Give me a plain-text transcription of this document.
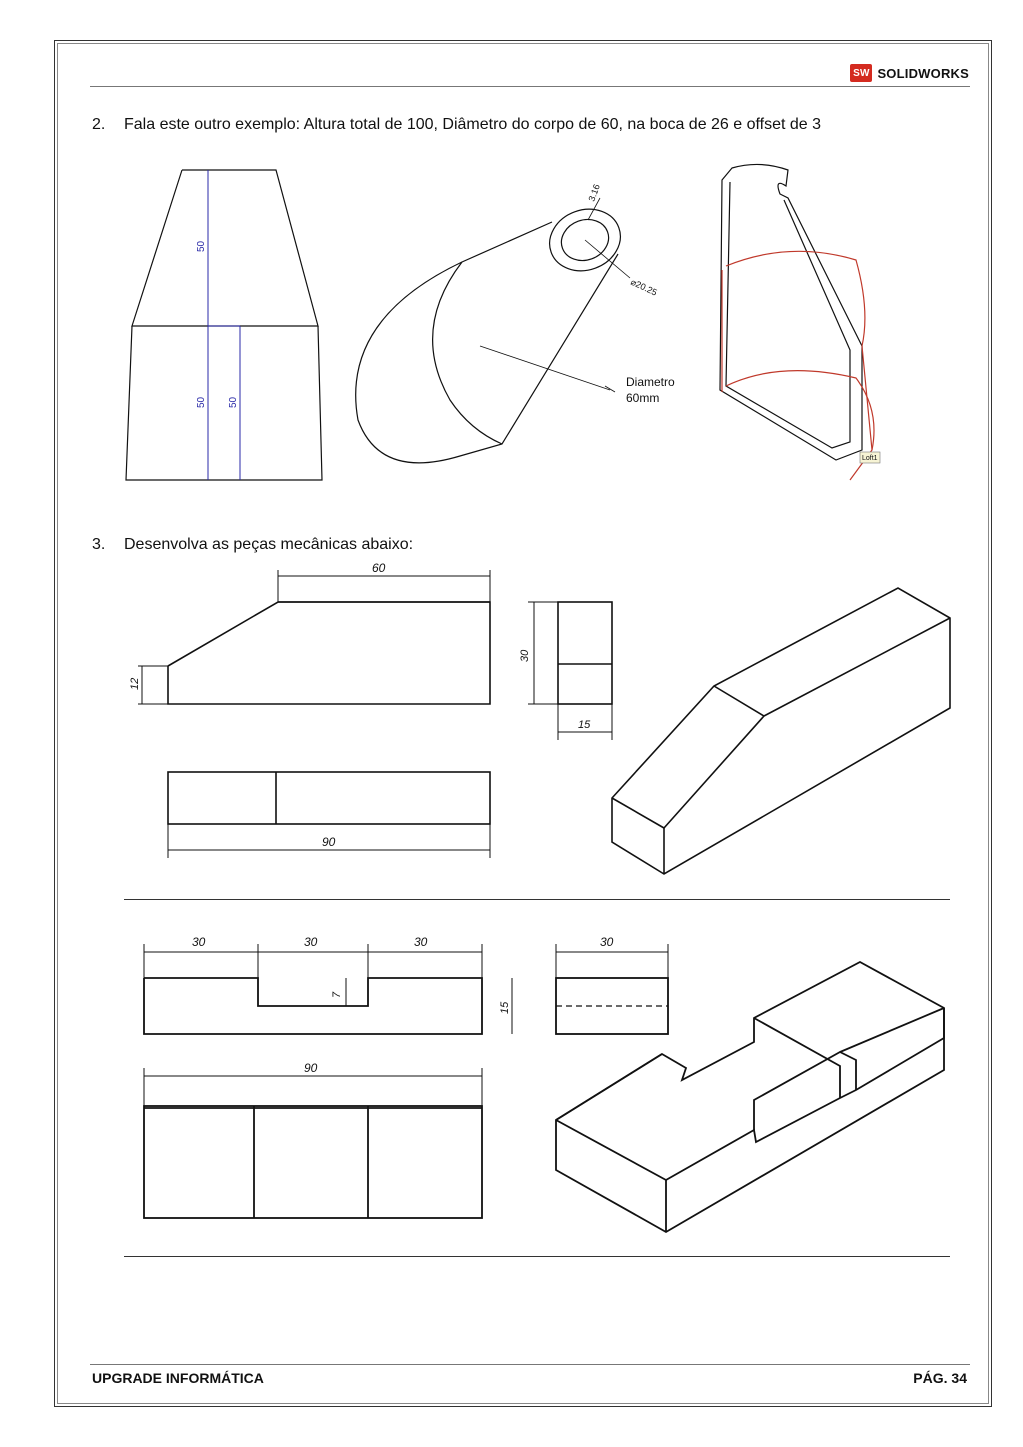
SW SOLIDWORKS
2. Fala este outro exemplo: Altura total de 100, Diâmetro do corpo de 60, na boca de 26 e offset de 3
50
50 50
3.16
⌀20.25
Diametro
60mm
Loft1
3. Desenvolva as peças mecânicas abaixo:
60
12
30
15
90
30	30	30
7
15
30
90
UPGRADE INFORMÁTICA	PÁG. 34
